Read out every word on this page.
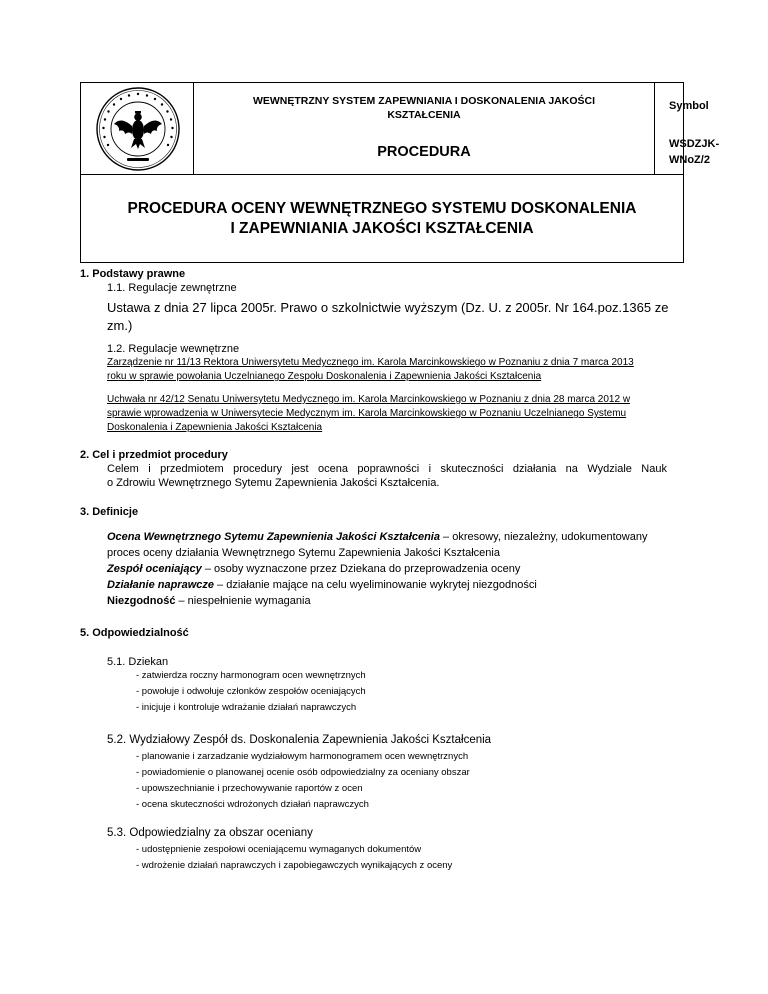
WEWNĘTRZNY SYSTEM ZAPEWNIANIA I DOSKONALENIA JAKOŚCI KSZTAŁCENIA
PROCEDURA
Symbol
WSDZJK-
WNoZ/2
PROCEDURA OCENY WEWNĘTRZNEGO SYSTEMU DOSKONALENIA
I ZAPEWNIANIA JAKOŚCI KSZTAŁCENIA
1. Podstawy prawne
1.1. Regulacje zewnętrzne
Ustawa z dnia 27 lipca 2005r. Prawo o szkolnictwie wyższym (Dz. U. z 2005r. Nr 164.poz.1365 ze
zm.)
1.2. Regulacje wewnętrzne
Zarządzenie nr 11/13 Rektora Uniwersytetu Medycznego im. Karola Marcinkowskiego w Poznaniu z dnia 7 marca 2013
roku w sprawie powołania Uczelnianego Zespołu Doskonalenia i Zapewnienia Jakości Kształcenia
Uchwała nr 42/12 Senatu Uniwersytetu Medycznego im. Karola Marcinkowskiego w Poznaniu z dnia 28 marca 2012 w
sprawie wprowadzenia w Uniwersytecie Medycznym im. Karola Marcinkowskiego w Poznaniu Uczelnianego Systemu
Doskonalenia i Zapewnienia Jakości Kształcenia
2. Cel i przedmiot procedury
Celem i przedmiotem procedury jest ocena poprawności i skuteczności działania na Wydziale Nauk
o Zdrowiu Wewnętrznego Sytemu Zapewnienia Jakości Kształcenia.
3. Definicje
Ocena Wewnętrznego Sytemu Zapewnienia Jakości Kształcenia – okresowy, niezależny, udokumentowany
proces oceny działania Wewnętrznego Sytemu Zapewnienia Jakości Kształcenia
Zespół oceniający – osoby wyznaczone przez Dziekana do przeprowadzenia oceny
Działanie naprawcze – działanie mające na celu wyeliminowanie wykrytej niezgodności
Niezgodność – niespełnienie wymagania
5. Odpowiedzialność
5.1. Dziekan
- zatwierdza roczny harmonogram ocen wewnętrznych
- powołuje i odwołuje członków zespołów oceniających
- inicjuje i kontroluje wdrażanie działań naprawczych
5.2. Wydziałowy Zespół ds. Doskonalenia Zapewnienia Jakości Kształcenia
- planowanie i zarzadzanie wydziałowym harmonogramem ocen wewnętrznych
- powiadomienie o planowanej ocenie osób odpowiedzialny za oceniany obszar
- upowszechnianie i przechowywanie raportów z ocen
- ocena skuteczności wdrożonych działań naprawczych
5.3. Odpowiedzialny za obszar oceniany
- udostępnienie zespołowi oceniającemu wymaganych dokumentów
- wdrożenie działań naprawczych i zapobiegawczych wynikających z oceny
